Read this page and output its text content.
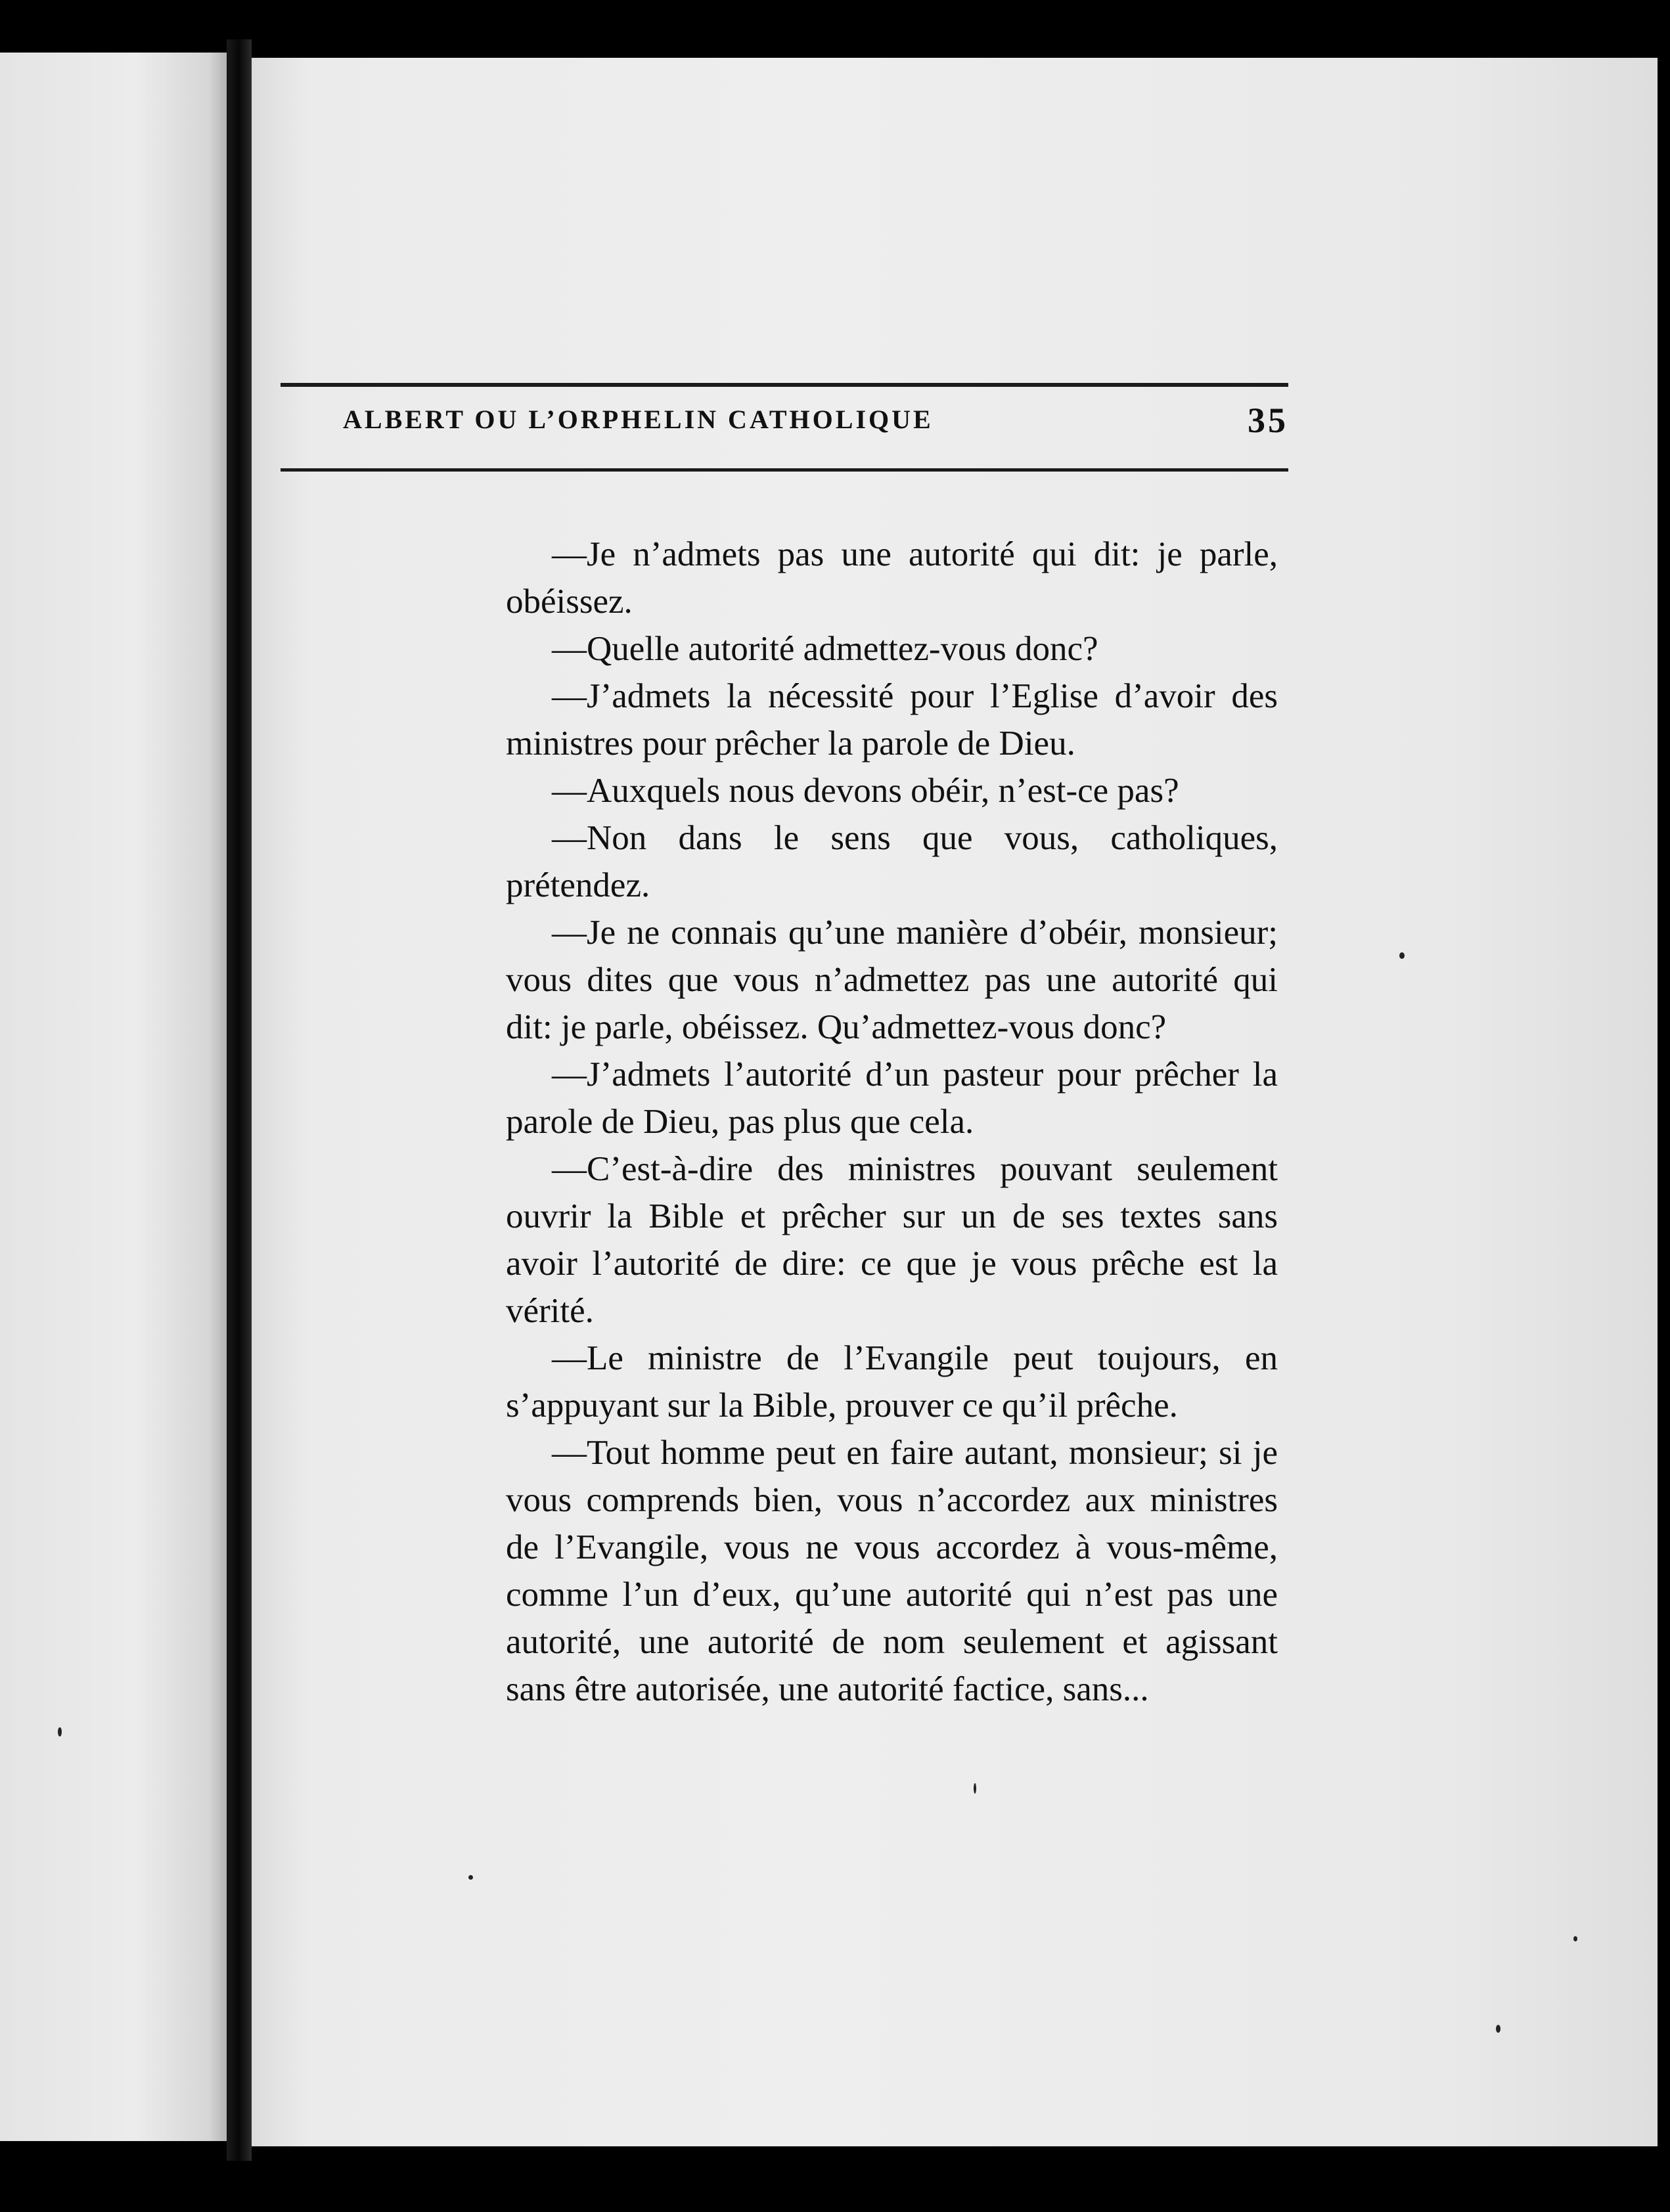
ALBERT OU L’ORPHELIN CATHOLIQUE	35

—Je n’admets pas une autorité qui dit: je parle, obéissez.

—Quelle autorité admettez-vous donc?

—J’admets la nécessité pour l’Eglise d’avoir des ministres pour prêcher la parole de Dieu.

—Auxquels nous devons obéir, n’est-ce pas?

—Non dans le sens que vous, catholiques, prétendez.

—Je ne connais qu’une manière d’obéir, monsieur; vous dites que vous n’admettez pas une autorité qui dit: je parle, obéissez. Qu’admettez-vous donc?

—J’admets l’autorité d’un pasteur pour prêcher la parole de Dieu, pas plus que cela.

—C’est-à-dire des ministres pouvant seulement ouvrir la Bible et prêcher sur un de ses textes sans avoir l’autorité de dire: ce que je vous prêche est la vérité.

—Le ministre de l’Evangile peut toujours, en s’appuyant sur la Bible, prouver ce qu’il prêche.

—Tout homme peut en faire autant, monsieur; si je vous comprends bien, vous n’accordez aux ministres de l’Evangile, vous ne vous accordez à vous-même, comme l’un d’eux, qu’une autorité qui n’est pas une autorité, une autorité de nom seulement et agissant sans être autorisée, une autorité factice, sans...
